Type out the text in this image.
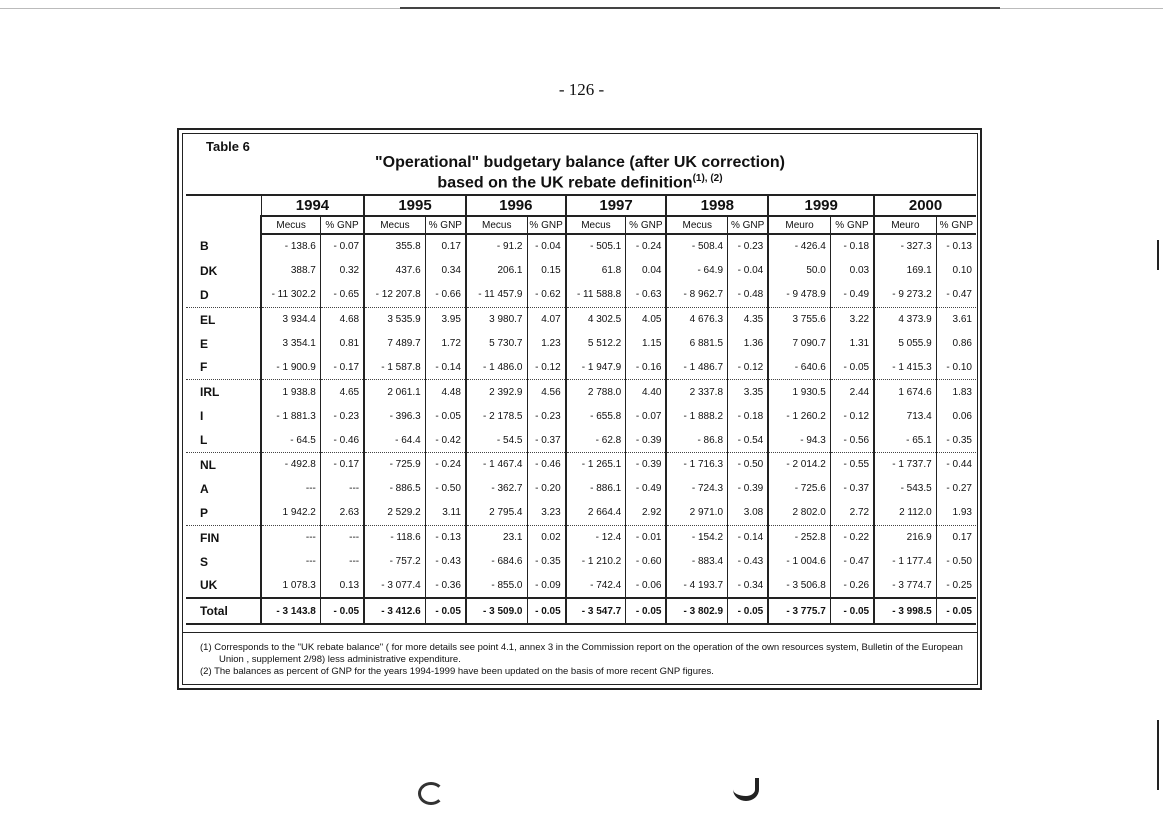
- 126 -
Table 6
"Operational" budgetary balance (after UK correction)
based on the UK rebate definition$^{(1), (2)}$
	1994		1995		1996		1997		1998		1999		2000	
	Mecus	% GNP	Mecus	% GNP	Mecus	% GNP	Mecus	% GNP	Mecus	% GNP	Meuro	% GNP	Meuro	% GNP
B	- 138.6	- 0.07	355.8	0.17	- 91.2	- 0.04	- 505.1	- 0.24	- 508.4	- 0.23	- 426.4	- 0.18	- 327.3	- 0.13
DK	388.7	0.32	437.6	0.34	206.1	0.15	61.8	0.04	- 64.9	- 0.04	50.0	0.03	169.1	0.10
D	- 11 302.2	- 0.65	- 12 207.8	- 0.66	- 11 457.9	- 0.62	- 11 588.8	- 0.63	- 8 962.7	- 0.48	- 9 478.9	- 0.49	- 9 273.2	- 0.47
EL	3 934.4	4.68	3 535.9	3.95	3 980.7	4.07	4 302.5	4.05	4 676.3	4.35	3 755.6	3.22	4 373.9	3.61
E	3 354.1	0.81	7 489.7	1.72	5 730.7	1.23	5 512.2	1.15	6 881.5	1.36	7 090.7	1.31	5 055.9	0.86
F	- 1 900.9	- 0.17	- 1 587.8	- 0.14	- 1 486.0	- 0.12	- 1 947.9	- 0.16	- 1 486.7	- 0.12	- 640.6	- 0.05	- 1 415.3	- 0.10
IRL	1 938.8	4.65	2 061.1	4.48	2 392.9	4.56	2 788.0	4.40	2 337.8	3.35	1 930.5	2.44	1 674.6	1.83
I	- 1 881.3	- 0.23	- 396.3	- 0.05	- 2 178.5	- 0.23	- 655.8	- 0.07	- 1 888.2	- 0.18	- 1 260.2	- 0.12	713.4	0.06
L	- 64.5	- 0.46	- 64.4	- 0.42	- 54.5	- 0.37	- 62.8	- 0.39	- 86.8	- 0.54	- 94.3	- 0.56	- 65.1	- 0.35
NL	- 492.8	- 0.17	- 725.9	- 0.24	- 1 467.4	- 0.46	- 1 265.1	- 0.39	- 1 716.3	- 0.50	- 2 014.2	- 0.55	- 1 737.7	- 0.44
A	---	---	- 886.5	- 0.50	- 362.7	- 0.20	- 886.1	- 0.49	- 724.3	- 0.39	- 725.6	- 0.37	- 543.5	- 0.27
P	1 942.2	2.63	2 529.2	3.11	2 795.4	3.23	2 664.4	2.92	2 971.0	3.08	2 802.0	2.72	2 112.0	1.93
FIN	---	---	- 118.6	- 0.13	23.1	0.02	- 12.4	- 0.01	- 154.2	- 0.14	- 252.8	- 0.22	216.9	0.17
S	---	---	- 757.2	- 0.43	- 684.6	- 0.35	- 1 210.2	- 0.60	- 883.4	- 0.43	- 1 004.6	- 0.47	- 1 177.4	- 0.50
UK	1 078.3	0.13	- 3 077.4	- 0.36	- 855.0	- 0.09	- 742.4	- 0.06	- 4 193.7	- 0.34	- 3 506.8	- 0.26	- 3 774.7	- 0.25
Total	- 3 143.8	- 0.05	- 3 412.6	- 0.05	- 3 509.0	- 0.05	- 3 547.7	- 0.05	- 3 802.9	- 0.05	- 3 775.7	- 0.05	- 3 998.5	- 0.05
(1) Corresponds to the "UK rebate balance" ( for more details see point 4.1, annex 3 in the Commission report on the operation of the own resources system, Bulletin of the European Union , supplement 2/98) less administrative expenditure.
(2) The balances as percent of GNP for the years 1994-1999 have been updated on the basis of more recent GNP figures.
